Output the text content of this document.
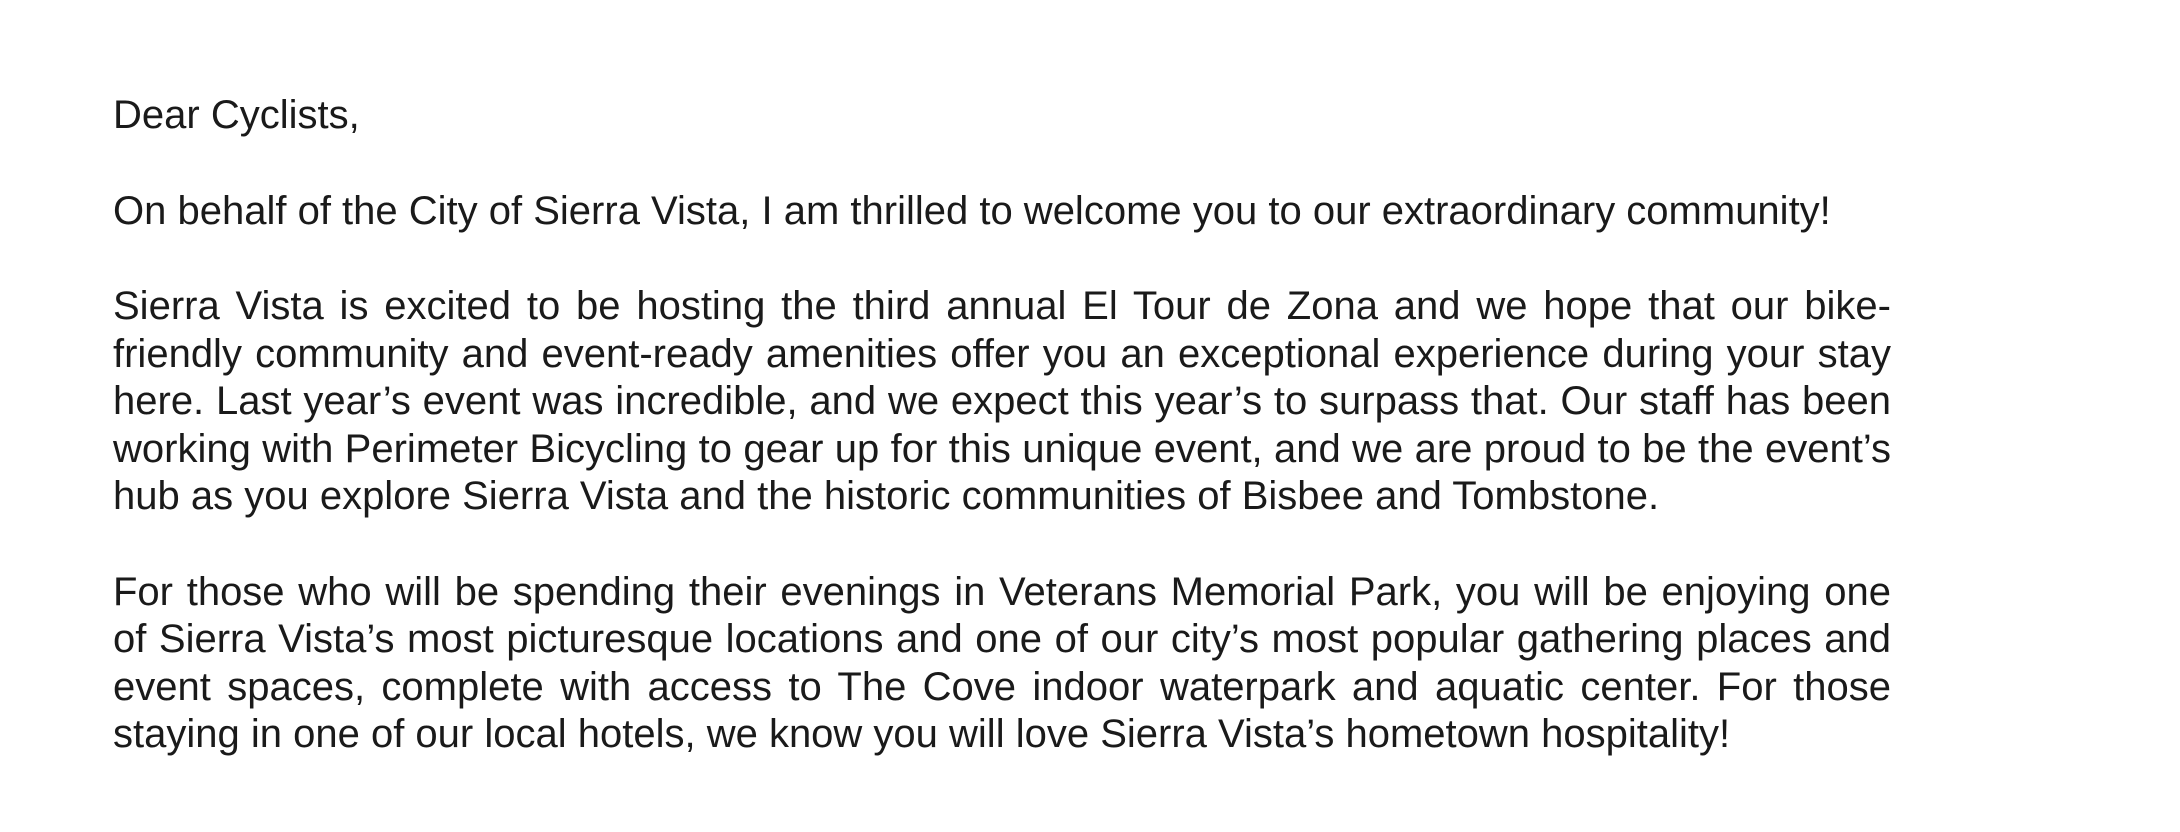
Dear Cyclists,

On behalf of the City of Sierra Vista, I am thrilled to welcome you to our extraordinary community!

Sierra Vista is excited to be hosting the third annual El Tour de Zona and we hope that our bike-friendly community and event-ready amenities offer you an exceptional experience during your stay here. Last year’s event was incredible, and we expect this year’s to surpass that. Our staff has been working with Perimeter Bicycling to gear up for this unique event, and we are proud to be the event’s hub as you explore Sierra Vista and the historic communities of Bisbee and Tombstone.

For those who will be spending their evenings in Veterans Memorial Park, you will be enjoying one of Sierra Vista’s most picturesque locations and one of our city’s most popular gathering places and event spaces, complete with access to The Cove indoor waterpark and aquatic center. For those staying in one of our local hotels, we know you will love Sierra Vista’s hometown hospitality!
